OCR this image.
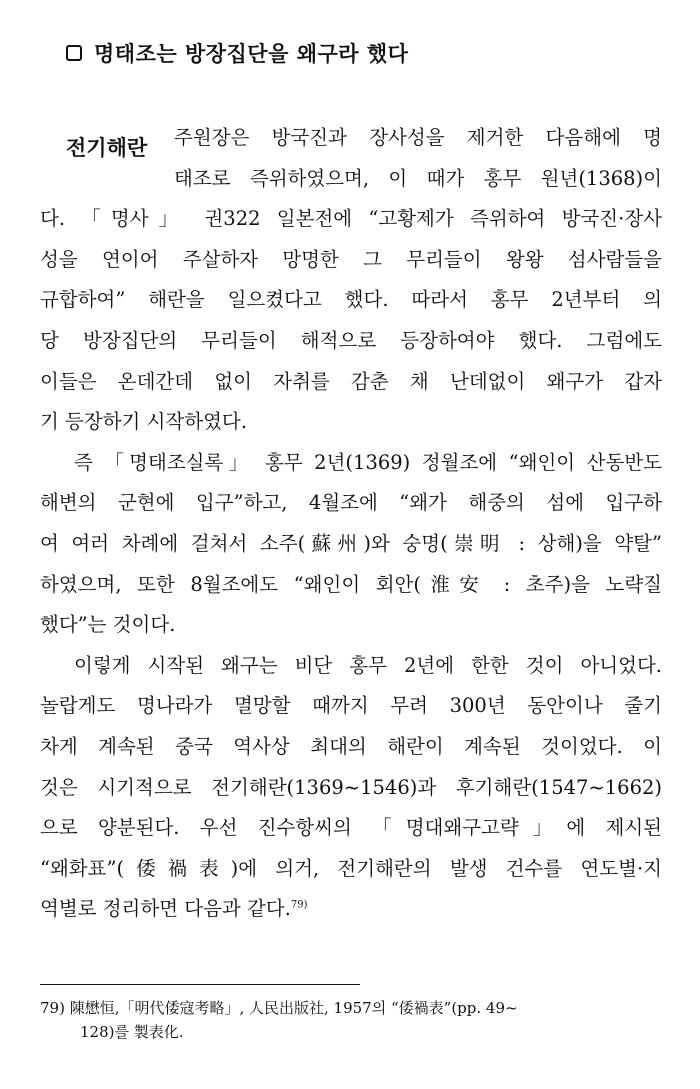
명태조는 방장집단을 왜구라 했다
전기해란	주원장은 방국진과 장사성을 제거한 다음해에 명
태조로 즉위하였으며, 이 때가 홍무 원년(1368)이
다. 「명사」 권322 일본전에 “고황제가 즉위하여 방국진·장사
성을 연이어 주살하자 망명한 그 무리들이 왕왕 섬사람들을
규합하여” 해란을 일으켰다고 했다. 따라서 홍무 2년부터 의
당 방장집단의 무리들이 해적으로 등장하여야 했다. 그럼에도
이들은 온데간데 없이 자취를 감춘 채 난데없이 왜구가 갑자
기 등장하기 시작하였다.
즉 「명태조실록」 홍무 2년(1369) 정월조에 “왜인이 산동반도
해변의 군현에 입구”하고, 4월조에 “왜가 해중의 섬에 입구하
여 여러 차례에 걸쳐서 소주(蘇州)와 숭명(崇明 : 상해)을 약탈”
하였으며, 또한 8월조에도 “왜인이 회안(淮安 : 초주)을 노략질
했다”는 것이다.
이렇게 시작된 왜구는 비단 홍무 2년에 한한 것이 아니었다.
놀랍게도 명나라가 멸망할 때까지 무려 300년 동안이나 줄기
차게 계속된 중국 역사상 최대의 해란이 계속된 것이었다. 이
것은 시기적으로 전기해란(1369~1546)과 후기해란(1547~1662)
으로 양분된다. 우선 진수항씨의 「명대왜구고략」에 제시된
“왜화표”(倭禍表)에 의거, 전기해란의 발생 건수를 연도별·지
역별로 정리하면 다음과 같다.$^{79)}$
79) 陳懋恒,「明代倭寇考略」, 人民出版社, 1957의 “倭禍表”(pp. 49~
128)를 製表化.
